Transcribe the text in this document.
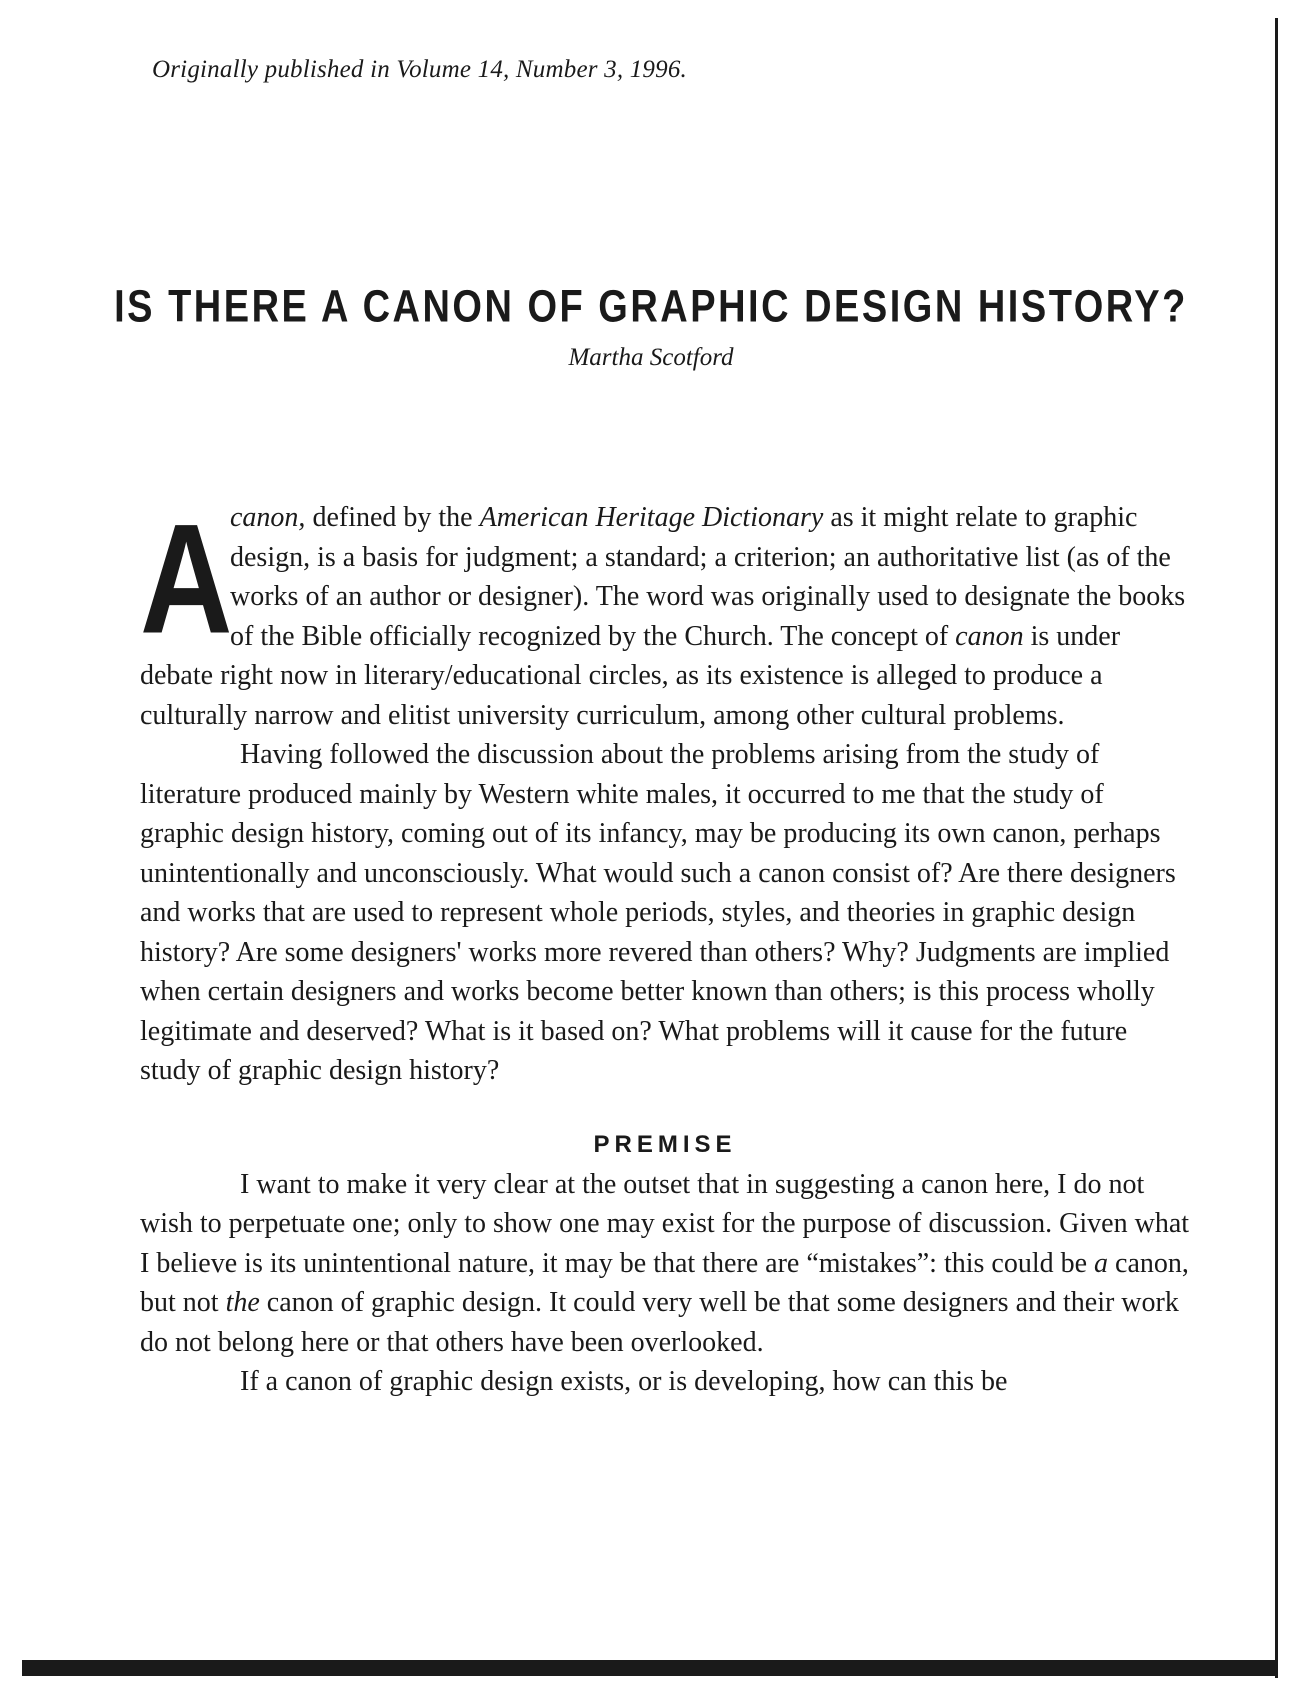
Originally published in Volume 14, Number 3, 1996.
IS THERE A CANON OF GRAPHIC DESIGN HISTORY?
Martha Scotford

A
canon, defined by the American Heritage Dictionary as it might relate to graphic design, is a basis for judgment; a standard; a criterion; an authoritative list (as of the works of an author or designer). The word was originally used to designate the books of the Bible officially recognized by the Church. The concept of canon is under debate right now in literary/educational circles, as its existence is alleged to produce a culturally narrow and elitist university curriculum, among other cultural problems.

Having followed the discussion about the problems arising from the study of literature produced mainly by Western white males, it occurred to me that the study of graphic design history, coming out of its infancy, may be producing its own canon, perhaps unintentionally and unconsciously. What would such a canon consist of? Are there designers and works that are used to represent whole periods, styles, and theories in graphic design history? Are some designers' works more revered than others? Why? Judgments are implied when certain designers and works become better known than others; is this process wholly legitimate and deserved? What is it based on? What problems will it cause for the future study of graphic design history?

PREMISE

I want to make it very clear at the outset that in suggesting a canon here, I do not wish to perpetuate one; only to show one may exist for the purpose of discussion. Given what I believe is its unintentional nature, it may be that there are “mistakes”: this could be a canon, but not the canon of graphic design. It could very well be that some designers and their work do not belong here or that others have been overlooked.

If a canon of graphic design exists, or is developing, how can this be
